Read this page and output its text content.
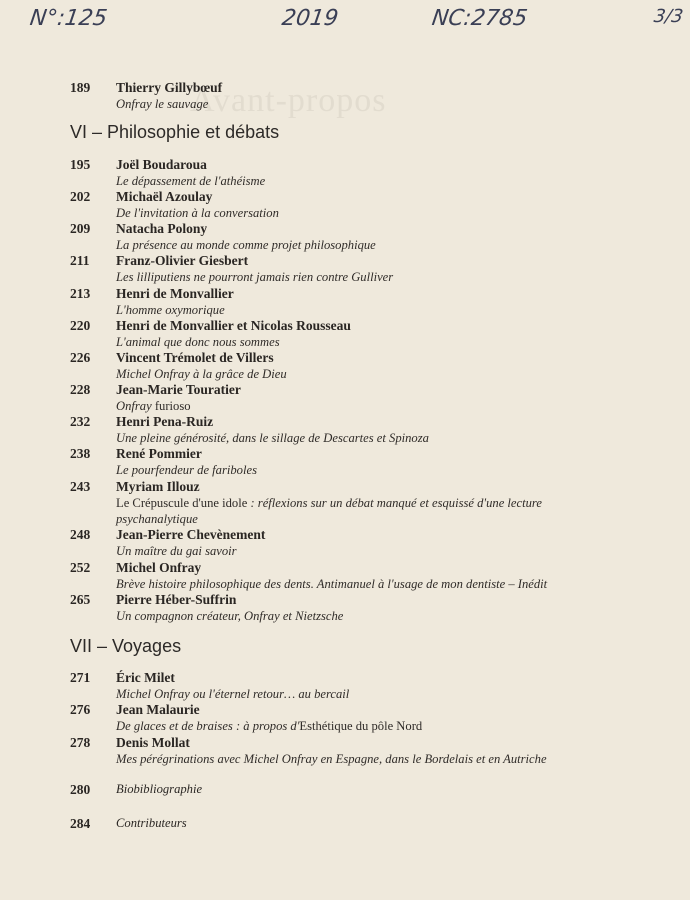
Avant-propos
N°:125	2019	NC:2785	3/3
189	Thierry Gillybœuf
Onfray le sauvage
VI – Philosophie et débats
195	Joël Boudaroua
Le dépassement de l'athéisme
202	Michaël Azoulay
De l'invitation à la conversation
209	Natacha Polony
La présence au monde comme projet philosophique
211	Franz-Olivier Giesbert
Les lilliputiens ne pourront jamais rien contre Gulliver
213	Henri de Monvallier
L'homme oxymorique
220	Henri de Monvallier et Nicolas Rousseau
L'animal que donc nous sommes
226	Vincent Trémolet de Villers
Michel Onfray à la grâce de Dieu
228	Jean-Marie Touratier
Onfray furioso
232	Henri Pena-Ruiz
Une pleine générosité, dans le sillage de Descartes et Spinoza
238	René Pommier
Le pourfendeur de fariboles
243	Myriam Illouz
Le Crépuscule d'une idole : réflexions sur un débat manqué et esquissé d'une lecture
psychanalytique
248	Jean-Pierre Chevènement
Un maître du gai savoir
252	Michel Onfray
Brève histoire philosophique des dents. Antimanuel à l'usage de mon dentiste – Inédit
265	Pierre Héber-Suffrin
Un compagnon créateur, Onfray et Nietzsche
VII – Voyages
271	Éric Milet
Michel Onfray ou l'éternel retour… au bercail
276	Jean Malaurie
De glaces et de braises : à propos d'Esthétique du pôle Nord
278	Denis Mollat
Mes pérégrinations avec Michel Onfray en Espagne, dans le Bordelais et en Autriche
280	Biobibliographie
284	Contributeurs
